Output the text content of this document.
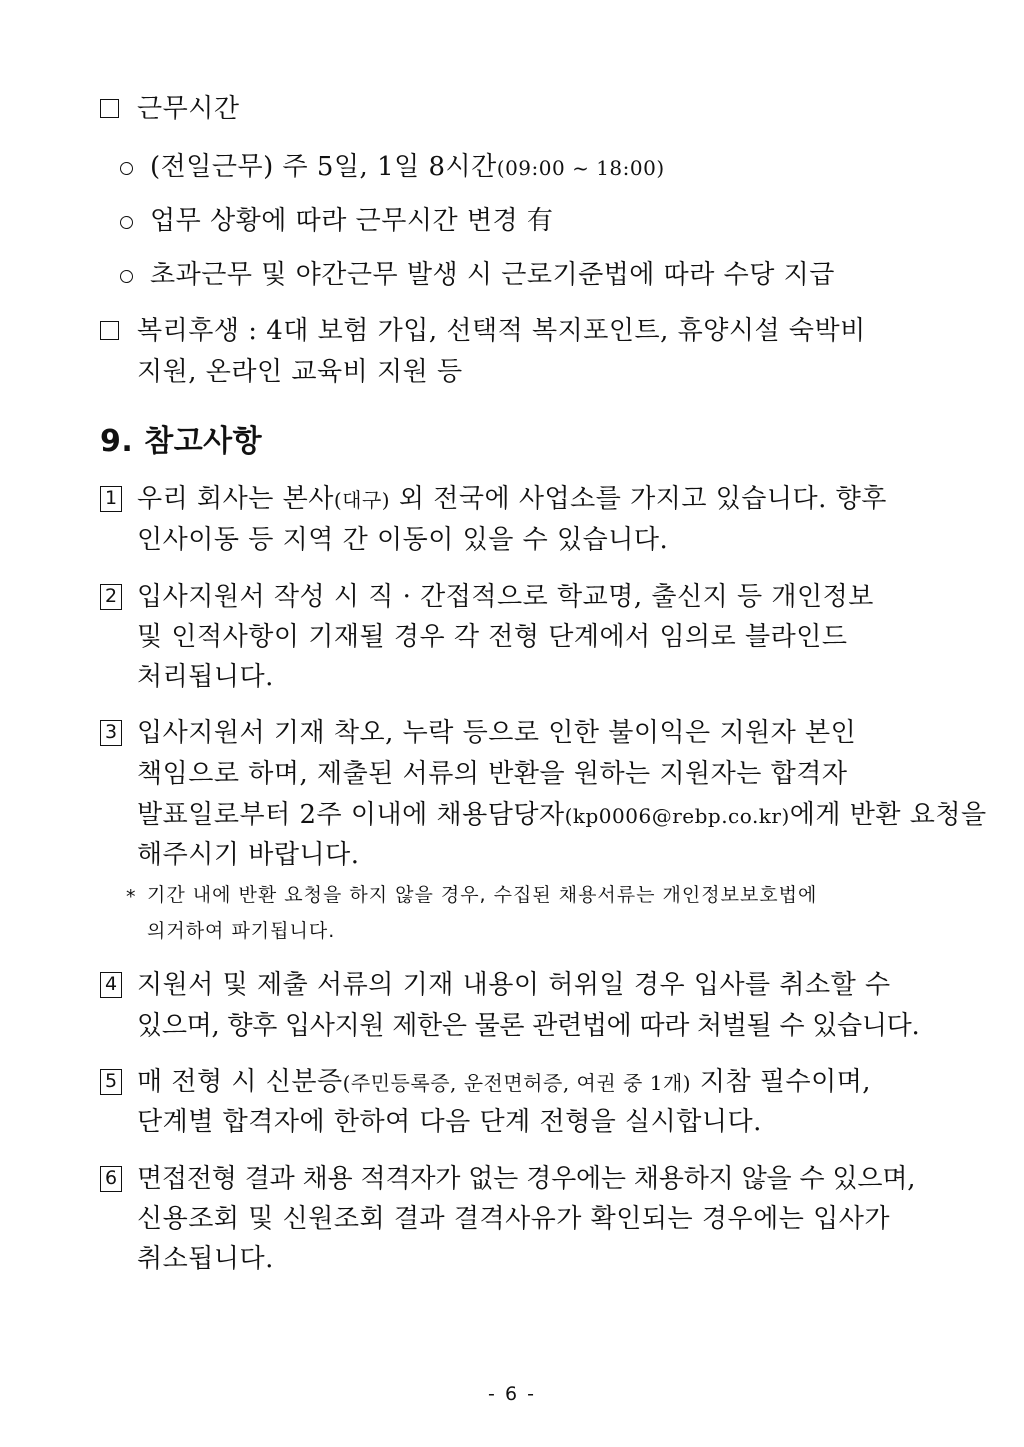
근무시간
(전일근무) 주 5일, 1일 8시간(09:00 ~ 18:00)
업무 상황에 따라 근무시간 변경 有
초과근무 및 야간근무 발생 시 근로기준법에 따라 수당 지급
복리후생 : 4대 보험 가입, 선택적 복지포인트, 휴양시설 숙박비
지원, 온라인 교육비 지원 등
9. 참고사항
1 우리 회사는 본사(대구) 외 전국에 사업소를 가지고 있습니다. 향후
인사이동 등 지역 간 이동이 있을 수 있습니다.
2 입사지원서 작성 시 직 · 간접적으로 학교명, 출신지 등 개인정보
및 인적사항이 기재될 경우 각 전형 단계에서 임의로 블라인드
처리됩니다.
3 입사지원서 기재 착오, 누락 등으로 인한 불이익은 지원자 본인
책임으로 하며, 제출된 서류의 반환을 원하는 지원자는 합격자
발표일로부터 2주 이내에 채용담당자(kp0006@rebp.co.kr)에게 반환 요청을
해주시기 바랍니다.
* 기간 내에 반환 요청을 하지 않을 경우, 수집된 채용서류는 개인정보보호법에
의거하여 파기됩니다.
4 지원서 및 제출 서류의 기재 내용이 허위일 경우 입사를 취소할 수
있으며, 향후 입사지원 제한은 물론 관련법에 따라 처벌될 수 있습니다.
5 매 전형 시 신분증(주민등록증, 운전면허증, 여권 중 1개) 지참 필수이며,
단계별 합격자에 한하여 다음 단계 전형을 실시합니다.
6 면접전형 결과 채용 적격자가 없는 경우에는 채용하지 않을 수 있으며,
신용조회 및 신원조회 결과 결격사유가 확인되는 경우에는 입사가
취소됩니다.
- 6 -
